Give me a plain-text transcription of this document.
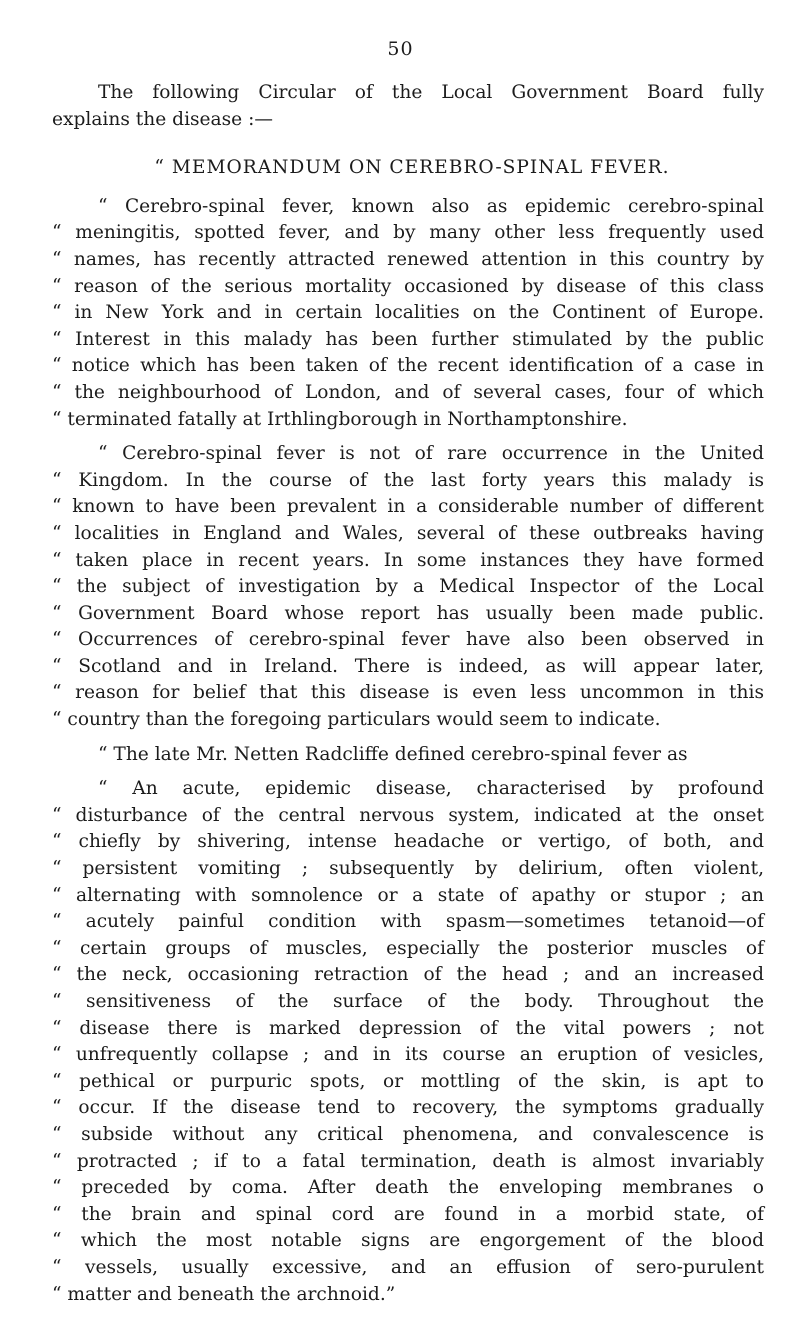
50
The following Circular of the Local Government Board fully
explains the disease :—
“ MEMORANDUM ON CEREBRO-SPINAL FEVER.
“ Cerebro-spinal fever, known also as epidemic cerebro-spinal
“ meningitis, spotted fever, and by many other less frequently used
“ names, has recently attracted renewed attention in this country by
“ reason of the serious mortality occasioned by disease of this class
“ in New York and in certain localities on the Continent of Europe.
“ Interest in this malady has been further stimulated by the public
“ notice which has been taken of the recent identification of a case in
“ the neighbourhood of London, and of several cases, four of which
“ terminated fatally at Irthlingborough in Northamptonshire.
“ Cerebro-spinal fever is not of rare occurrence in the United
“ Kingdom. In the course of the last forty years this malady is
“ known to have been prevalent in a considerable number of different
“ localities in England and Wales, several of these outbreaks having
“ taken place in recent years. In some instances they have formed
“ the subject of investigation by a Medical Inspector of the Local
“ Government Board whose report has usually been made public.
“ Occurrences of cerebro-spinal fever have also been observed in
“ Scotland and in Ireland. There is indeed, as will appear later,
“ reason for belief that this disease is even less uncommon in this
“ country than the foregoing particulars would seem to indicate.
“ The late Mr. Netten Radcliffe defined cerebro-spinal fever as
“ An acute, epidemic disease, characterised by profound
“ disturbance of the central nervous system, indicated at the onset
“ chiefly by shivering, intense headache or vertigo, of both, and
“ persistent vomiting ; subsequently by delirium, often violent,
“ alternating with somnolence or a state of apathy or stupor ; an
“ acutely painful condition with spasm—sometimes tetanoid—of
“ certain groups of muscles, especially the posterior muscles of
“ the neck, occasioning retraction of the head ; and an increased
“ sensitiveness of the surface of the body. Throughout the
“ disease there is marked depression of the vital powers ; not
“ unfrequently collapse ; and in its course an eruption of vesicles,
“ pethical or purpuric spots, or mottling of the skin, is apt to
“ occur. If the disease tend to recovery, the symptoms gradually
“ subside without any critical phenomena, and convalescence is
“ protracted ; if to a fatal termination, death is almost invariably
“ preceded by coma. After death the enveloping membranes o
“ the brain and spinal cord are found in a morbid state, of
“ which the most notable signs are engorgement of the blood
“ vessels, usually excessive, and an effusion of sero-purulent
“ matter and beneath the archnoid.”
